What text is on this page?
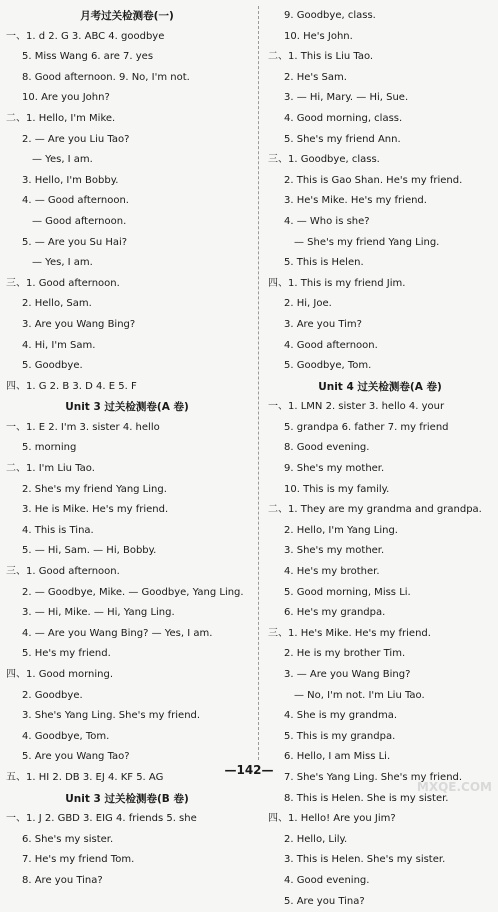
月考过关检测卷(一)
一、1. d 2. G 3. ABC 4. goodbye
5. Miss Wang 6. are 7. yes
8. Good afternoon. 9. No, I'm not.
10. Are you John?
二、1. Hello, I'm Mike.
2. — Are you Liu Tao?
— Yes, I am.
3. Hello, I'm Bobby.
4. — Good afternoon.
— Good afternoon.
5. — Are you Su Hai?
— Yes, I am.
三、1. Good afternoon.
2. Hello, Sam.
3. Are you Wang Bing?
4. Hi, I'm Sam.
5. Goodbye.
四、1. G 2. B 3. D 4. E 5. F
Unit 3 过关检测卷(A 卷)
一、1. E 2. I'm 3. sister 4. hello
5. morning
二、1. I'm Liu Tao.
2. She's my friend Yang Ling.
3. He is Mike. He's my friend.
4. This is Tina.
5. — Hi, Sam. — Hi, Bobby.
三、1. Good afternoon.
2. — Goodbye, Mike. — Goodbye, Yang Ling.
3. — Hi, Mike. — Hi, Yang Ling.
4. — Are you Wang Bing? — Yes, I am.
5. He's my friend.
四、1. Good morning.
2. Goodbye.
3. She's Yang Ling. She's my friend.
4. Goodbye, Tom.
5. Are you Wang Tao?
五、1. HI 2. DB 3. EJ 4. KF 5. AG
Unit 3 过关检测卷(B 卷)
一、1. J 2. GBD 3. EIG 4. friends 5. she
6. She's my sister.
7. He's my friend Tom.
8. Are you Tina?
9. Goodbye, class.
10. He's John.
二、1. This is Liu Tao.
2. He's Sam.
3. — Hi, Mary. — Hi, Sue.
4. Good morning, class.
5. She's my friend Ann.
三、1. Goodbye, class.
2. This is Gao Shan. He's my friend.
3. He's Mike. He's my friend.
4. — Who is she?
— She's my friend Yang Ling.
5. This is Helen.
四、1. This is my friend Jim.
2. Hi, Joe.
3. Are you Tim?
4. Good afternoon.
5. Goodbye, Tom.
Unit 4 过关检测卷(A 卷)
一、1. LMN 2. sister 3. hello 4. your
5. grandpa 6. father 7. my friend
8. Good evening.
9. She's my mother.
10. This is my family.
二、1. They are my grandma and grandpa.
2. Hello, I'm Yang Ling.
3. She's my mother.
4. He's my brother.
5. Good morning, Miss Li.
6. He's my grandpa.
三、1. He's Mike. He's my friend.
2. He is my brother Tim.
3. — Are you Wang Bing?
— No, I'm not. I'm Liu Tao.
4. She is my grandma.
5. This is my grandpa.
6. Hello, I am Miss Li.
7. She's Yang Ling. She's my friend.
8. This is Helen. She is my sister.
四、1. Hello! Are you Jim?
2. Hello, Lily.
3. This is Helen. She's my sister.
4. Good evening.
5. Are you Tina?
—142—
MXQE.COM
